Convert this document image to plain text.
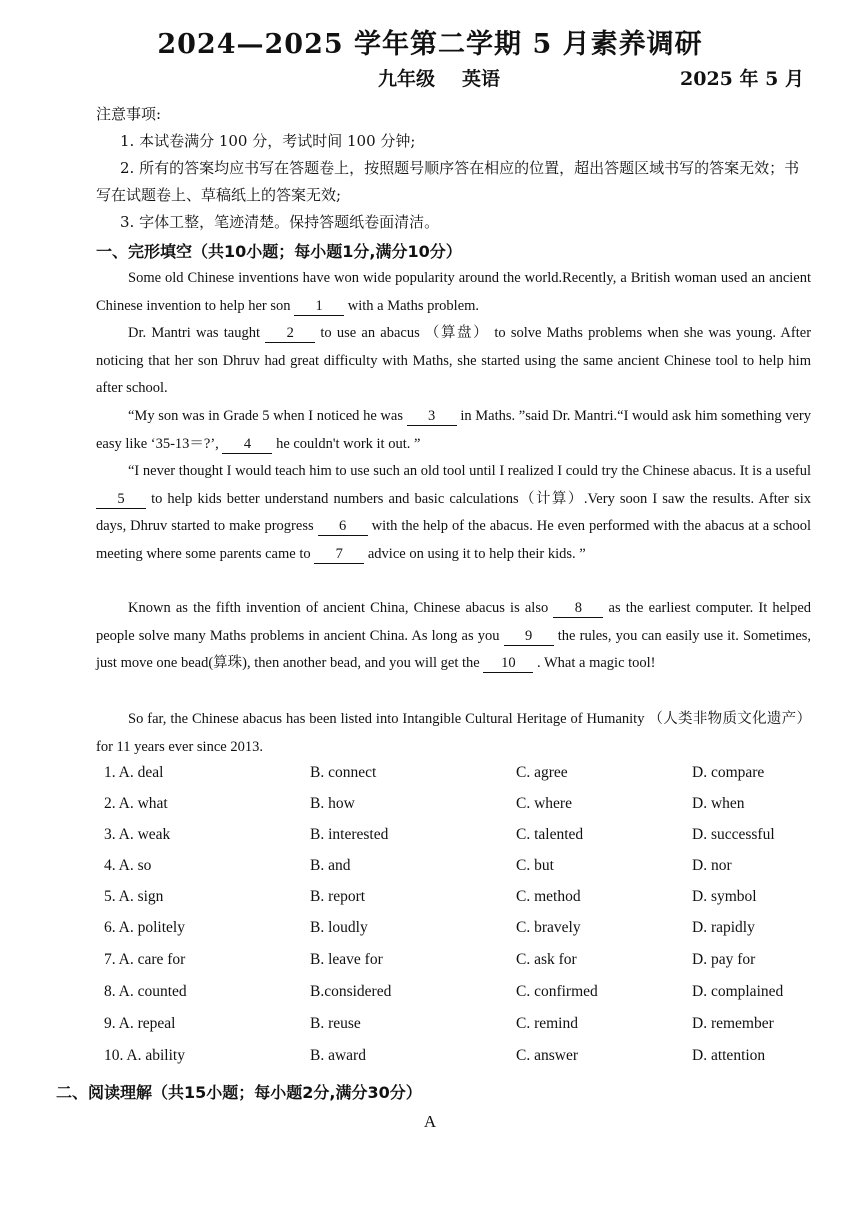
2024—2025 学年第二学期 5 月素养调研
九年级 英语	2025 年 5 月
注意事项:
1. 本试卷满分 100 分，考试时间 100 分钟;
2. 所有的答案均应书写在答题卷上，按照题号顺序答在相应的位置，超出答题区域书写的答案无效；书写在试题卷上、草稿纸上的答案无效;
3. 字体工整，笔迹清楚。保持答题纸卷面清洁。
一、完形填空（共10小题；每小题1分,满分10分）
Some old Chinese inventions have won wide popularity around the world.Recently, a British woman used an ancient Chinese invention to help her son 1 with a Maths problem.
Dr. Mantri was taught 2 to use an abacus （算盘） to solve Maths problems when she was young. After noticing that her son Dhruv had great difficulty with Maths, she started using the same ancient Chinese tool to help him after school.
“My son was in Grade 5 when I noticed he was 3 in Maths. ”said Dr. Mantri.“I would ask him something very easy like ‘35-13＝?’, 4 he couldn't work it out. ”
“I never thought I would teach him to use such an old tool until I realized I could try the Chinese abacus. It is a useful 5 to help kids better understand numbers and basic calculations（计算）.Very soon I saw the results. After six days, Dhruv started to make progress 6 with the help of the abacus. He even performed with the abacus at a school meeting where some parents came to 7 advice on using it to help their kids. ”
Known as the fifth invention of ancient China, Chinese abacus is also 8 as the earliest computer. It helped people solve many Maths problems in ancient China. As long as you 9 the rules, you can easily use it. Sometimes, just move one bead(算珠), then another bead, and you will get the 10 . What a magic tool!
So far, the Chinese abacus has been listed into Intangible Cultural Heritage of Humanity （人类非物质文化遗产） for 11 years ever since 2013.
1. A. deal	B. connect	C. agree	D. compare
2. A. what	B. how	C. where	D. when
3. A. weak	B. interested	C. talented	D. successful
4. A. so	B. and	C. but	D. nor
5. A. sign	B. report	C. method	D. symbol
6. A. politely	B. loudly	C. bravely	D. rapidly
7. A. care for	B. leave for	C. ask for	D. pay for
8. A. counted	B.considered	C. confirmed	D. complained
9. A. repeal	B. reuse	C. remind	D. remember
10. A. ability	B. award	C. answer	D. attention
二、阅读理解（共15小题；每小题2分,满分30分）
A
